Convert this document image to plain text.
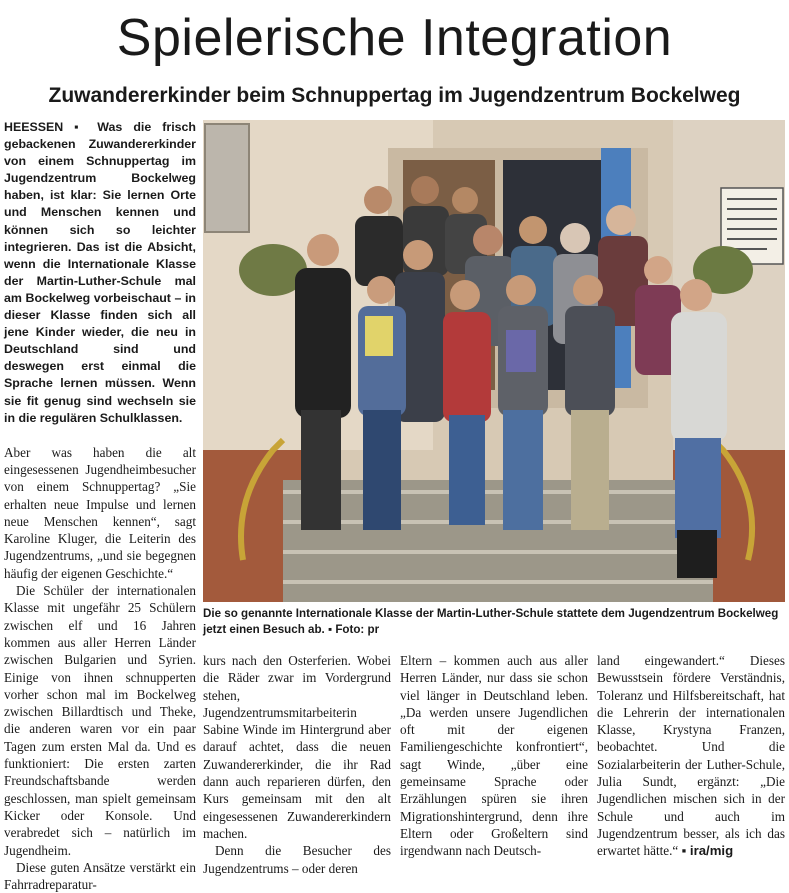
Spielerische Integration
Zuwandererkinder beim Schnuppertag im Jugendzentrum Bockelweg

HEESSEN ▪ Was die frisch gebackenen Zuwandererkinder von einem Schnuppertag im Jugendzentrum Bockelweg haben, ist klar: Sie lernen Orte und Menschen kennen und können sich so leichter integrieren. Das ist die Absicht, wenn die Internationale Klasse der Martin-Luther-Schule mal am Bockelweg vorbeischaut – in dieser Klasse finden sich all jene Kinder wieder, die neu in Deutschland sind und deswegen erst einmal die Sprache lernen müssen. Wenn sie fit genug sind wechseln sie in die regulären Schulklassen.

Aber was haben die alt eingesessenen Jugendheimbesucher von einem Schnuppertag? „Sie erhalten neue Impulse und lernen neue Menschen kennen“, sagt Karoline Kluger, die Leiterin des Jugendzentrums, „und sie begegnen häufig der eigenen Geschichte.“

Die Schüler der internationalen Klasse mit ungefähr 25 Schülern zwischen elf und 16 Jahren kommen aus aller Herren Länder zwischen Bulgarien und Syrien. Einige von ihnen schnupperten vorher schon mal im Bockelweg zwischen Billardtisch und Theke, die anderen waren vor ein paar Tagen zum ersten Mal da. Und es funktioniert: Die ersten zarten Freundschaftsbande werden geschlossen, man spielt gemeinsam Kicker oder Konsole. Und verabredet sich – natürlich im Jugendheim.

Diese guten Ansätze verstärkt ein Fahrradreparatur-

Die so genannte Internationale Klasse der Martin-Luther-Schule stattete dem Jugendzentrum Bockelweg jetzt einen Besuch ab. ▪ Foto: pr

kurs nach den Osterferien. Wobei die Räder zwar im Vordergrund stehen, Jugendzentrumsmitarbeiterin Sabine Winde im Hintergrund aber darauf achtet, dass die neuen Zuwandererkinder, die ihr Rad dann auch reparieren dürfen, den Kurs gemeinsam mit den alt eingesessenen Zuwandererkindern machen.

Denn die Besucher des Jugendzentrums – oder deren

Eltern – kommen auch aus aller Herren Länder, nur dass sie schon viel länger in Deutschland leben. „Da werden unsere Jugendlichen oft mit der eigenen Familiengeschichte konfrontiert“, sagt Winde, „über eine gemeinsame Sprache oder Erzählungen spüren sie ihren Migrationshintergrund, denn ihre Eltern oder Großeltern sind irgendwann nach Deutsch-

land eingewandert.“ Dieses Bewusstsein fördere Verständnis, Toleranz und Hilfsbereitschaft, hat die Lehrerin der internationalen Klasse, Krystyna Franzen, beobachtet. Und die Sozialarbeiterin der Luther-Schule, Julia Sundt, ergänzt: „Die Jugendlichen mischen sich in der Schule und auch im Jugendzentrum besser, als ich das erwartet hätte.“ ▪ ira/mig
